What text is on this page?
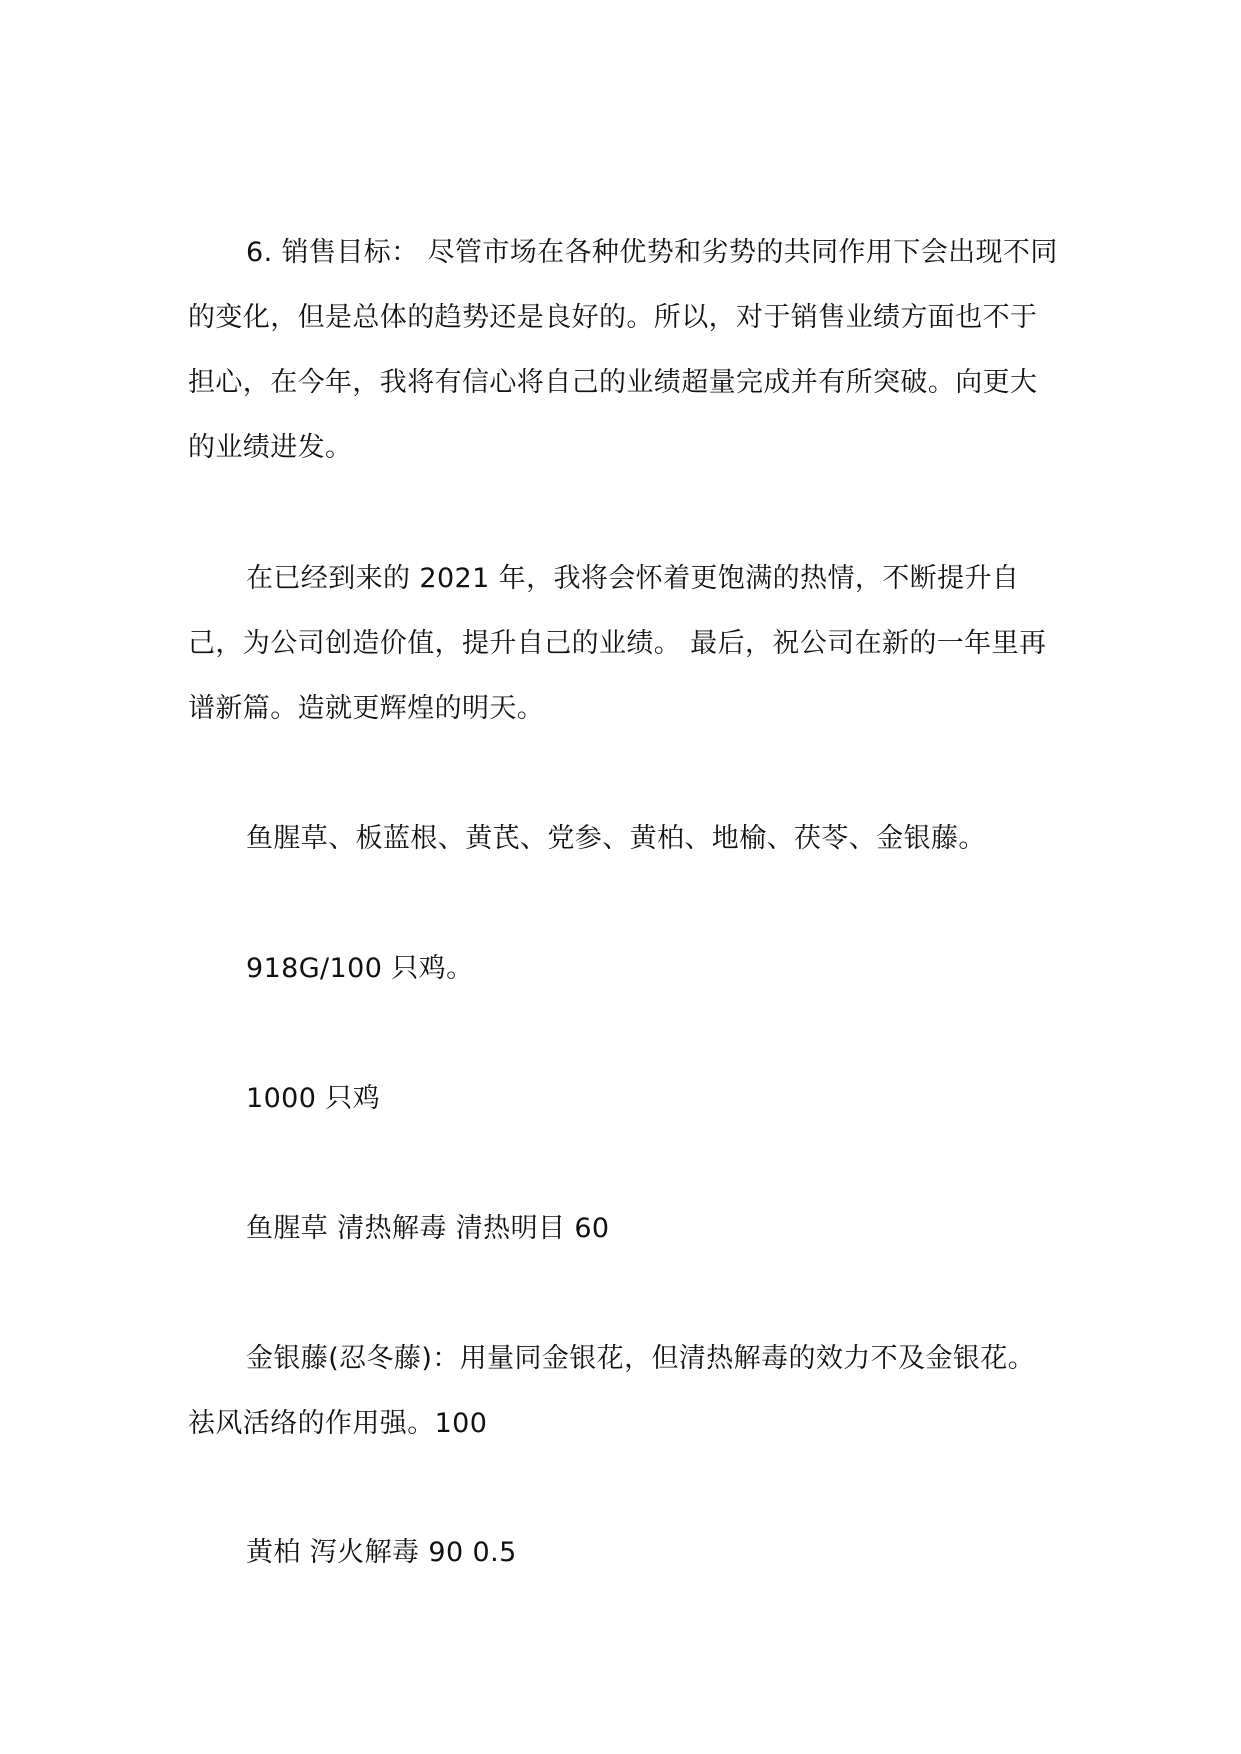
6. 销售目标： 尽管市场在各种优势和劣势的共同作用下会出现不同的变化，但是总体的趋势还是良好的。所以，对于销售业绩方面也不于担心，在今年，我将有信心将自己的业绩超量完成并有所突破。向更大的业绩进发。

在已经到来的 2021 年，我将会怀着更饱满的热情，不断提升自己，为公司创造价值，提升自己的业绩。 最后，祝公司在新的一年里再谱新篇。造就更辉煌的明天。

鱼腥草、板蓝根、黄芪、党参、黄柏、地榆、茯苓、金银藤。

918G/100 只鸡。

1000 只鸡

鱼腥草 清热解毒 清热明目 60

金银藤(忍冬藤)：用量同金银花，但清热解毒的效力不及金银花。祛风活络的作用强。100

黄柏 泻火解毒 90 0.5
